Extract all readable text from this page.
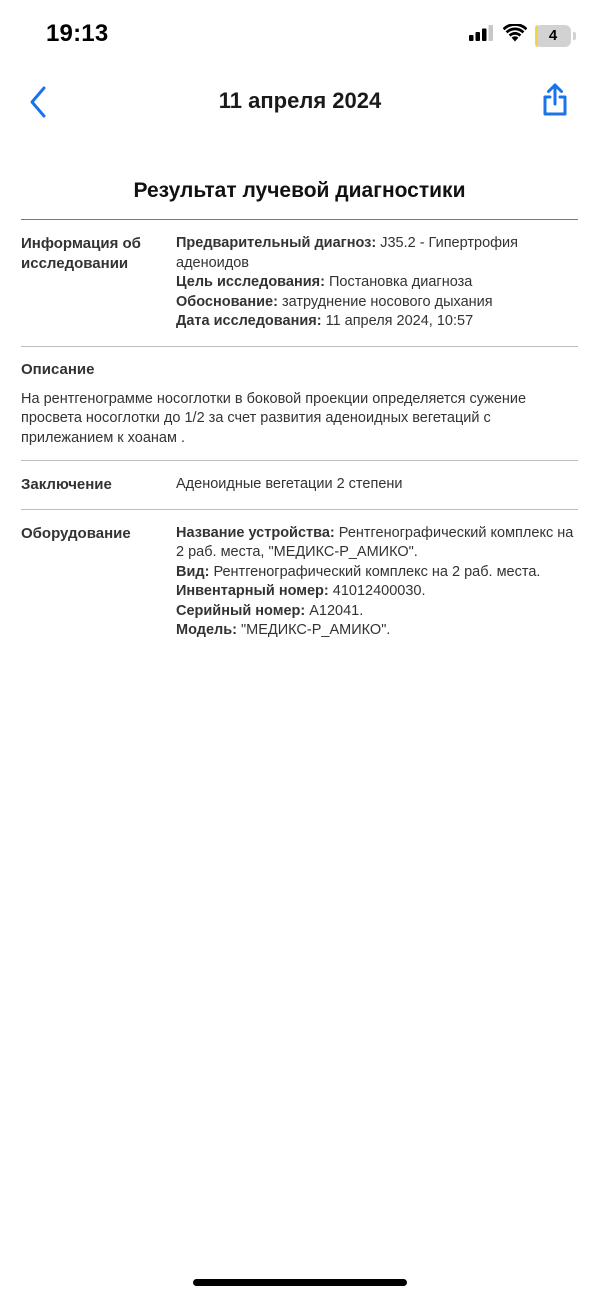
19:13	4
11 апреля 2024
Результат лучевой диагностики
Информация об исследовании
Предварительный диагноз: J35.2 - Гипертрофия аденоидов
Цель исследования: Постановка диагноза
Обоснование: затруднение носового дыхания
Дата исследования: 11 апреля 2024, 10:57
Описание
На рентгенограмме носоглотки в боковой проекции определяется сужение просвета носоглотки до 1/2 за счет развития аденоидных вегетаций с прилежанием к хоанам .
Заключение	Аденоидные вегетации 2 степени
Оборудование	Название устройства: Рентгенографический комплекс на 2 раб. места, "МЕДИКС-Р_АМИКО".
Вид: Рентгенографический комплекс на 2 раб. места.
Инвентарный номер: 41012400030.
Серийный номер: A12041.
Модель: "МЕДИКС-Р_АМИКО".
